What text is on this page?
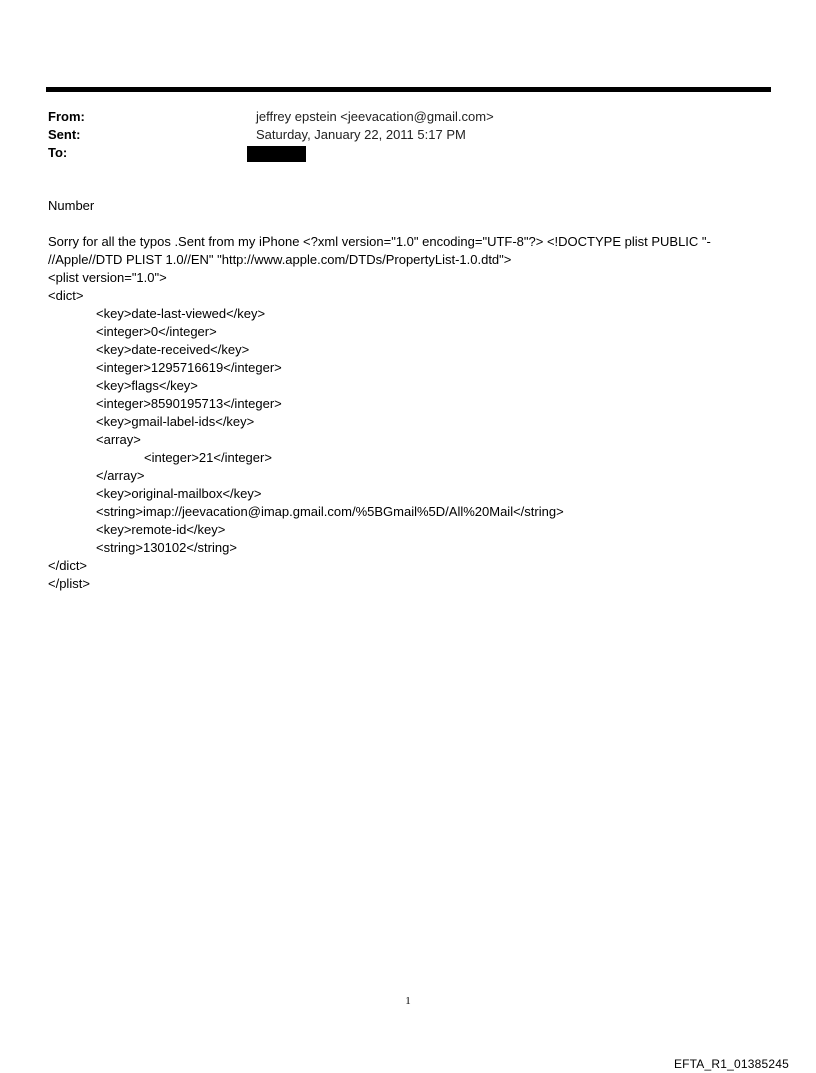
From:	jeffrey epstein <jeevacation@gmail.com>
Sent:	Saturday, January 22, 2011 5:17 PM
To:
Number
Sorry for all the typos .Sent from my iPhone <?xml version="1.0" encoding="UTF-8"?> <!DOCTYPE plist PUBLIC "-
//Apple//DTD PLIST 1.0//EN" "http://www.apple.com/DTDs/PropertyList-1.0.dtd">
<plist version="1.0">
<dict>
<key>date-last-viewed</key>
<integer>0</integer>
<key>date-received</key>
<integer>1295716619</integer>
<key>flags</key>
<integer>8590195713</integer>
<key>gmail-label-ids</key>
<array>
<integer>21</integer>
</array>
<key>original-mailbox</key>
<string>imap://jeevacation@imap.gmail.com/%5BGmail%5D/All%20Mail</string>
<key>remote-id</key>
<string>130102</string>
</dict>
</plist>
1
EFTA_R1_01385245
